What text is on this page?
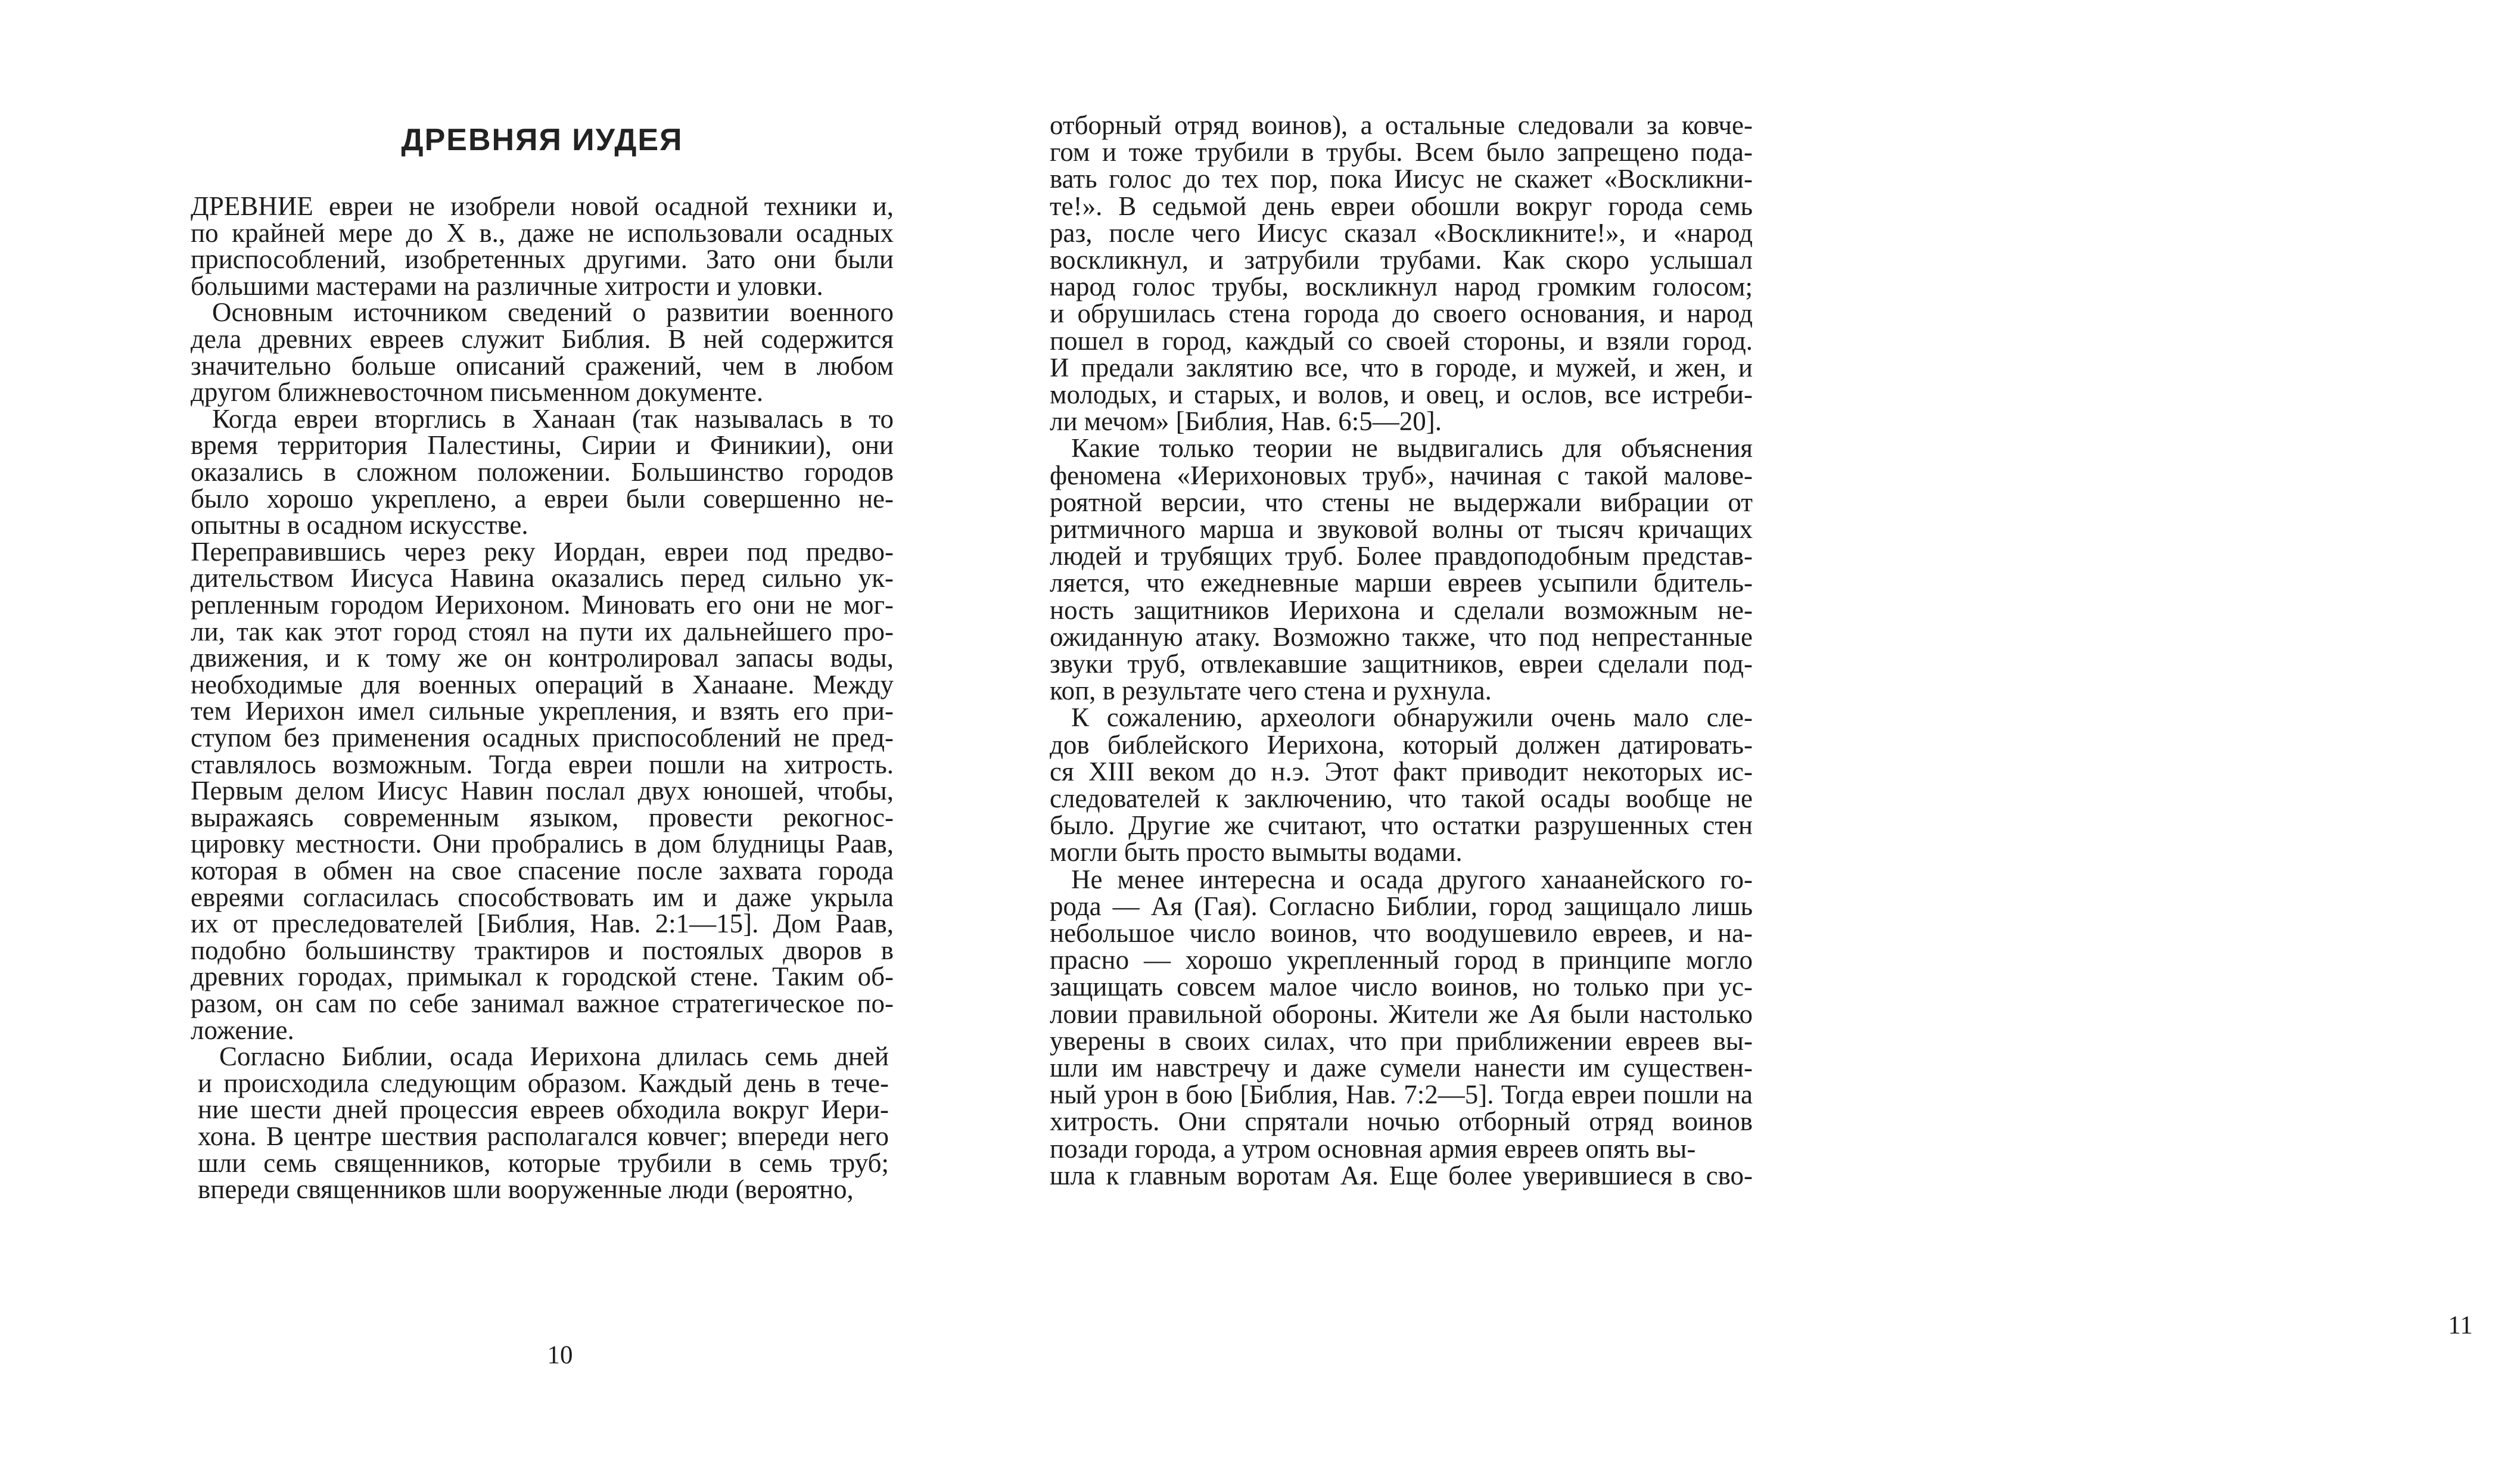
ДРЕВНЯЯ ИУДЕЯ

ДРЕВНИЕ евреи не изобрели новой осадной техники и,

по крайней мере до X в., даже не использовали осадных

приспособлений, изобретенных другими. Зато они были

большими мастерами на различные хитрости и уловки.

Основным источником сведений о развитии военного

дела древних евреев служит Библия. В ней содержится

значительно больше описаний сражений, чем в любом

другом ближневосточном письменном документе.

Когда евреи вторглись в Ханаан (так называлась в то

время территория Палестины, Сирии и Финикии), они

оказались в сложном положении. Большинство городов

было хорошо укреплено, а евреи были совершенно не-

опытны в осадном искусстве.

Переправившись через реку Иордан, евреи под предво-

дительством Иисуса Навина оказались перед сильно ук-

репленным городом Иерихоном. Миновать его они не мог-

ли, так как этот город стоял на пути их дальнейшего про-

движения, и к тому же он контролировал запасы воды,

необходимые для военных операций в Ханаане. Между

тем Иерихон имел сильные укрепления, и взять его при-

ступом без применения осадных приспособлений не пред-

ставлялось возможным. Тогда евреи пошли на хитрость.

Первым делом Иисус Навин послал двух юношей, чтобы,

выражаясь современным языком, провести рекогнос-

цировку местности. Они пробрались в дом блудницы Раав,

которая в обмен на свое спасение после захвата города

евреями согласилась способствовать им и даже укрыла

их от преследователей [Библия, Нав. 2:1—15]. Дом Раав,

подобно большинству трактиров и постоялых дворов в

древних городах, примыкал к городской стене. Таким об-

разом, он сам по себе занимал важное стратегическое по-

ложение.

Согласно Библии, осада Иерихона длилась семь дней

и происходила следующим образом. Каждый день в тече-

ние шести дней процессия евреев обходила вокруг Иери-

хона. В центре шествия располагался ковчег; впереди него

шли семь священников, которые трубили в семь труб;

впереди священников шли вооруженные люди (вероятно,

10

отборный отряд воинов), а остальные следовали за ковче-

гом и тоже трубили в трубы. Всем было запрещено пода-

вать голос до тех пор, пока Иисус не скажет «Воскликни-

те!». В седьмой день евреи обошли вокруг города семь

раз, после чего Иисус сказал «Воскликните!», и «народ

воскликнул, и затрубили трубами. Как скоро услышал

народ голос трубы, воскликнул народ громким голосом;

и обрушилась стена города до своего основания, и народ

пошел в город, каждый со своей стороны, и взяли город.

И предали заклятию все, что в городе, и мужей, и жен, и

молодых, и старых, и волов, и овец, и ослов, все истреби-

ли мечом» [Библия, Нав. 6:5—20].

Какие только теории не выдвигались для объяснения

феномена «Иерихоновых труб», начиная с такой малове-

роятной версии, что стены не выдержали вибрации от

ритмичного марша и звуковой волны от тысяч кричащих

людей и трубящих труб. Более правдоподобным представ-

ляется, что ежедневные марши евреев усыпили бдитель-

ность защитников Иерихона и сделали возможным не-

ожиданную атаку. Возможно также, что под непрестанные

звуки труб, отвлекавшие защитников, евреи сделали под-

коп, в результате чего стена и рухнула.

К сожалению, археологи обнаружили очень мало сле-

дов библейского Иерихона, который должен датировать-

ся XIII веком до н.э. Этот факт приводит некоторых ис-

следователей к заключению, что такой осады вообще не

было. Другие же считают, что остатки разрушенных стен

могли быть просто вымыты водами.

Не менее интересна и осада другого ханаанейского го-

рода — Ая (Гая). Согласно Библии, город защищало лишь

небольшое число воинов, что воодушевило евреев, и на-

прасно — хорошо укрепленный город в принципе могло

защищать совсем малое число воинов, но только при ус-

ловии правильной обороны. Жители же Ая были настолько

уверены в своих силах, что при приближении евреев вы-

шли им навстречу и даже сумели нанести им существен-

ный урон в бою [Библия, Нав. 7:2—5]. Тогда евреи пошли на

хитрость. Они спрятали ночью отборный отряд воинов

позади города, а утром основная армия евреев опять вы-

шла к главным воротам Ая. Еще более уверившиеся в сво-

11
